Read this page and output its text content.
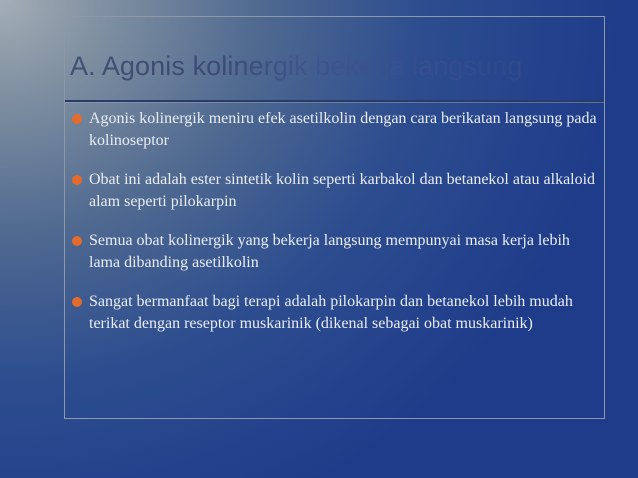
A. Agonis kolinergik bekerja langsung
Agonis kolinergik meniru efek asetilkolin dengan cara berikatan langsung pada kolinoseptor
Obat ini adalah ester sintetik kolin seperti karbakol dan betanekol atau alkaloid alam seperti pilokarpin
Semua obat kolinergik yang bekerja langsung mempunyai masa kerja lebih lama dibanding asetilkolin
Sangat bermanfaat bagi terapi adalah pilokarpin dan betanekol lebih mudah terikat dengan reseptor muskarinik (dikenal sebagai obat muskarinik)
